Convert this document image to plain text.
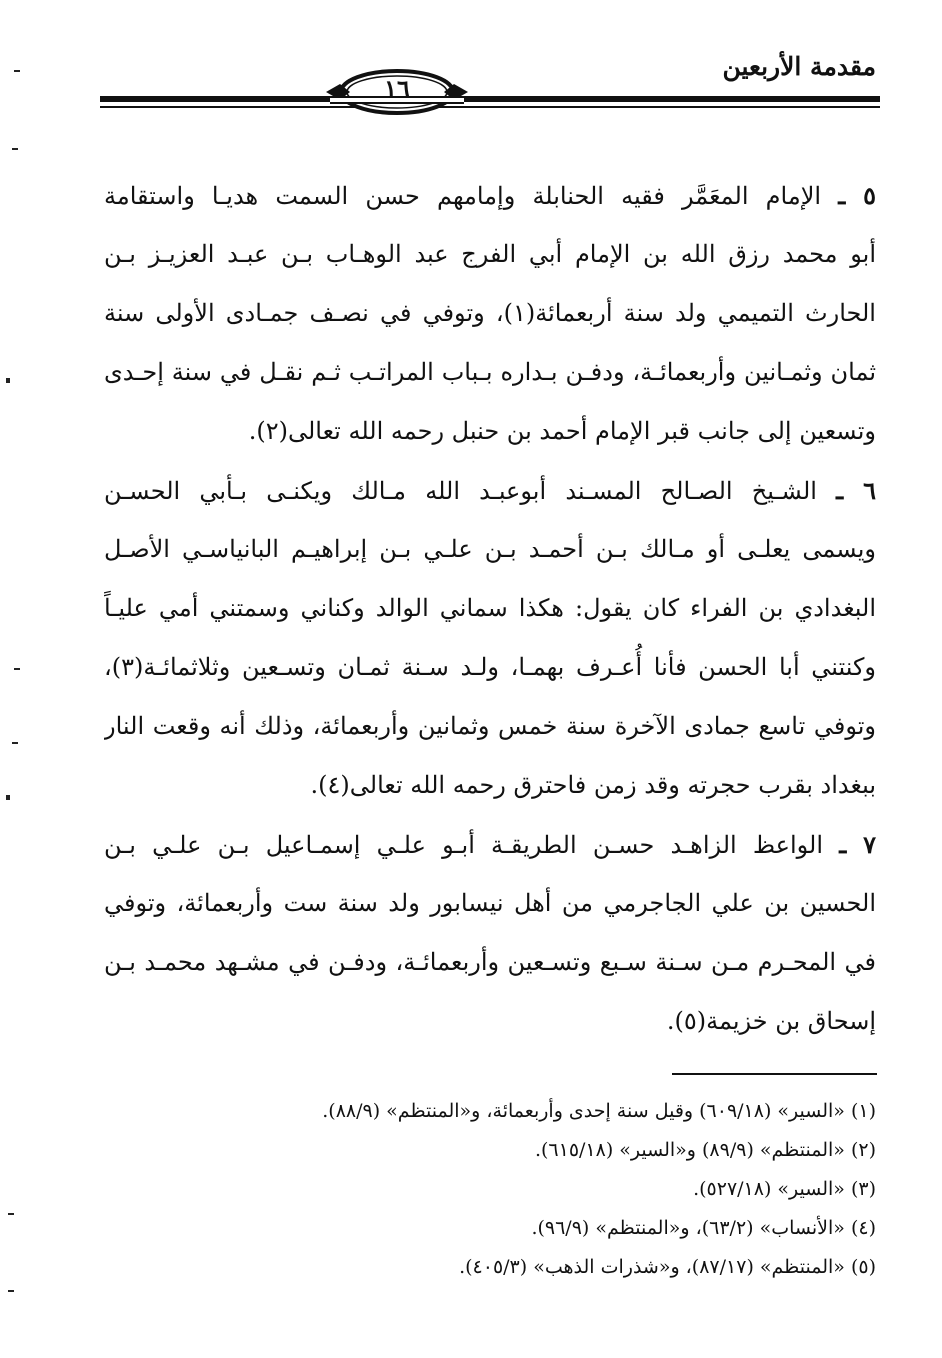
مقدمة الأربعين
١٦
٥ ـ الإمام المعَمَّر فقيه الحنابلة وإمامهم حسن السمت هديـا واستقامة
أبو محمد رزق الله بن الإمام أبي الفرج عبد الوهـاب بـن عبـد العزيـز بـن
الحارث التميمي ولد سنة أربعمائة(١)، وتوفي في نصـف جمـادى الأولى سنة
ثمان وثمـانين وأربعمائـة، ودفـن بـداره بـباب المراتـب ثـم نقـل في سنة إحـدى
وتسعين إلى جانب قبر الإمام أحمد بن حنبل رحمه الله تعالى(٢).
٦ ـ الشـيخ الصـالح المسـند أبوعبـد الله مـالك ويكنـى بـأبي الحسـن
ويسمى يعلـى أو مـالك بـن أحمـد بـن علـي بـن إبراهيـم البانياسـي الأصـل
البغدادي بن الفراء كان يقول: هكذا سماني الوالد وكناني وسمتني أمي عليـاً
وكنتني أبا الحسن فأنا أُعـرف بهمـا، ولـد سـنة ثمـان وتسـعين وثلاثمائـة(٣)،
وتوفي تاسع جمادى الآخرة سنة خمس وثمانين وأربعمائة، وذلك أنه وقعت النار
ببغداد بقرب حجرته وقد زمن فاحترق رحمه الله تعالى(٤).
٧ ـ الواعظ الزاهـد حسـن الطريقـة أبـو علـي إسمـاعيل بـن علـي بـن
الحسين بن علي الجاجرمي من أهل نيسابور ولد سنة ست وأربعمائة، وتوفي
في المحـرم مـن سـنة سـبع وتسـعين وأربعمائـة، ودفـن في مشـهد محمـد بـن
إسحاق بن خزيمة(٥).
(١) «السير» (٦٠٩/١٨) وقيل سنة إحدى وأربعمائة، و«المنتظم» (٨٨/٩).
(٢) «المنتظم» (٨٩/٩) و«السير» (٦١٥/١٨).
(٣) «السير» (٥٢٧/١٨).
(٤) «الأنساب» (٦٣/٢)، و«المنتظم» (٩٦/٩).
(٥) «المنتظم» (٨٧/١٧)، و«شذرات الذهب» (٤٠٥/٣).
